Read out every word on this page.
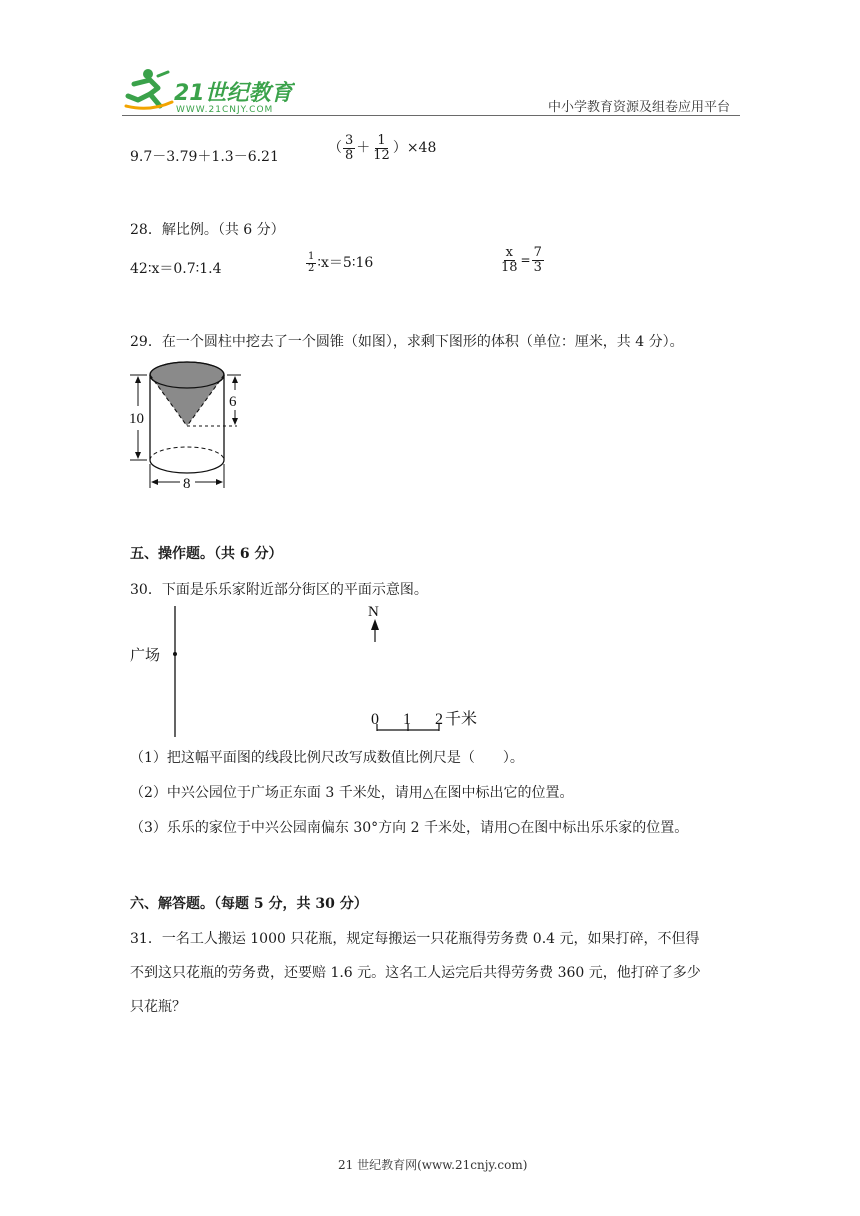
21世纪教育
WWW.21CNJY.COM	中小学教育资源及组卷应用平台
9.7－3.79＋1.3－6.21
（ $\frac{3}{8} + \frac{1}{12} )\times 48$
28．解比例。（共 6 分）
42∶x＝0.7∶1.4	$\frac{1}{2}$ ∶x＝5∶16	$\frac{x}{18} = \frac{7}{3}$
29．在一个圆柱中挖去了一个圆锥（如图），求剩下图形的体积（单位：厘米，共 4 分）。
10
6
8
五、操作题。（共 6 分）
30．下面是乐乐家附近部分街区的平面示意图。
广场
N
0 1 2 千米
（1）把这幅平面图的线段比例尺改写成数值比例尺是（　　）。
（2）中兴公园位于广场正东面 3 千米处，请用△在图中标出它的位置。
（3）乐乐的家位于中兴公园南偏东 30°方向 2 千米处，请用○在图中标出乐乐家的位置。
六、解答题。（每题 5 分，共 30 分）
31．一名工人搬运 1000 只花瓶，规定每搬运一只花瓶得劳务费 0.4 元，如果打碎，不但得
不到这只花瓶的劳务费，还要赔 1.6 元。这名工人运完后共得劳务费 360 元，他打碎了多少
只花瓶？
21 世纪教育网(www.21cnjy.com)
